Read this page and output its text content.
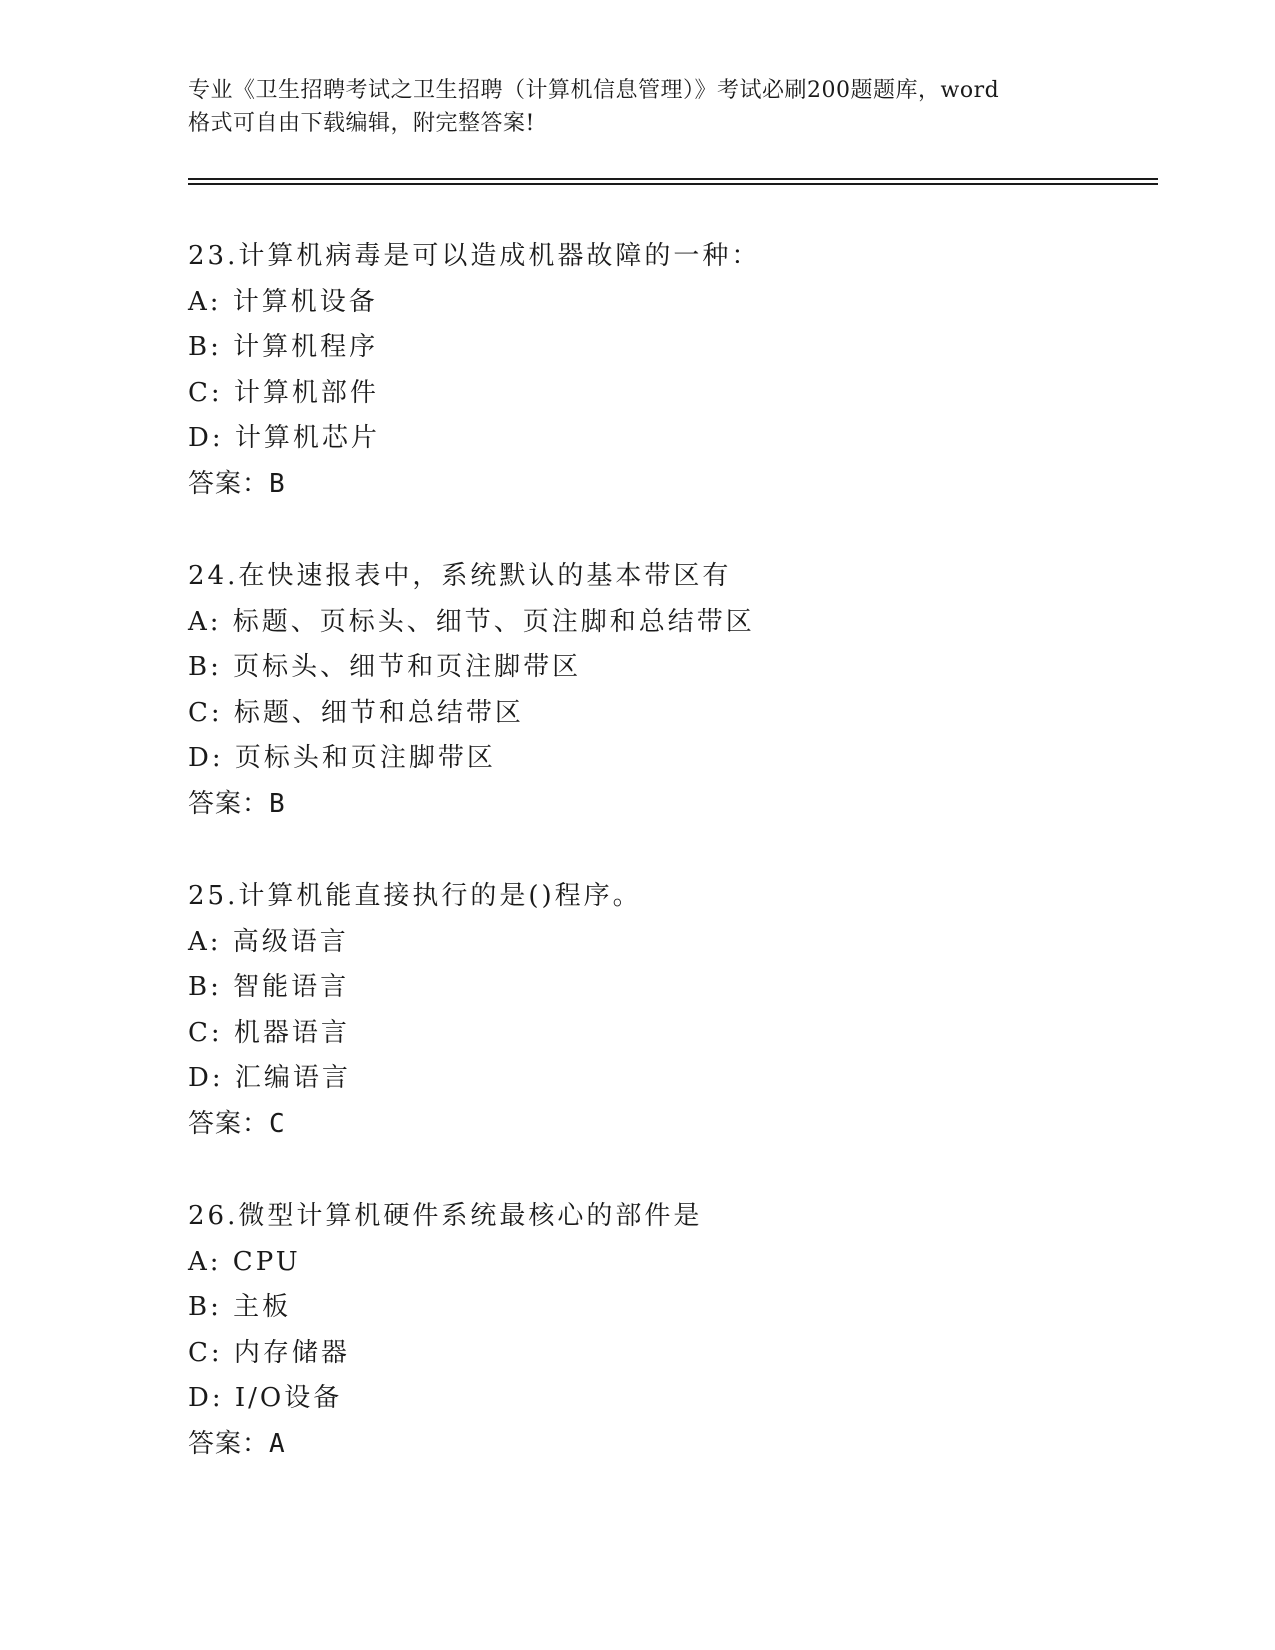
专业《卫生招聘考试之卫生招聘（计算机信息管理）》考试必刷200题题库，word
格式可自由下载编辑，附完整答案!
23.计算机病毒是可以造成机器故障的一种：
A: 计算机设备
B: 计算机程序
C: 计算机部件
D: 计算机芯片
答案：B
24.在快速报表中，系统默认的基本带区有
A: 标题、页标头、细节、页注脚和总结带区
B: 页标头、细节和页注脚带区
C: 标题、细节和总结带区
D: 页标头和页注脚带区
答案：B
25.计算机能直接执行的是()程序。
A: 高级语言
B: 智能语言
C: 机器语言
D: 汇编语言
答案：C
26.微型计算机硬件系统最核心的部件是
A: CPU
B: 主板
C: 内存储器
D: I/O设备
答案：A
